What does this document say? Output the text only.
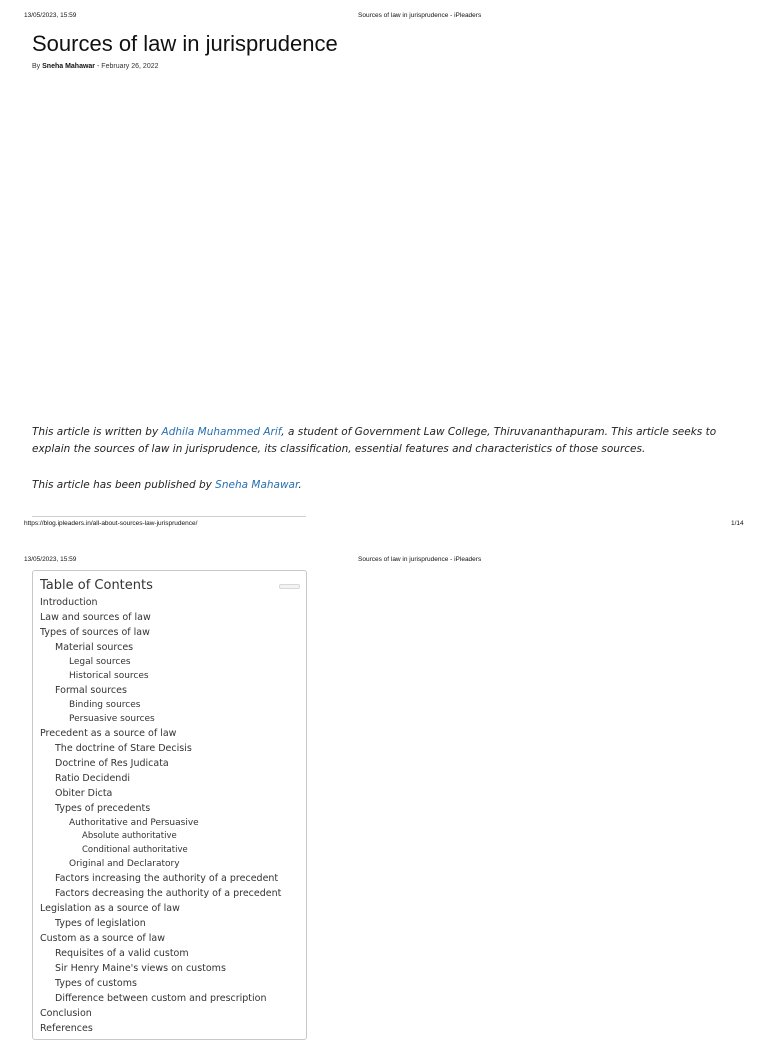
13/05/2023, 15:59	Sources of law in jurisprudence - iPleaders
Sources of law in jurisprudence
By Sneha Mahawar - February 26, 2022

This article is written by Adhila Muhammed Arif, a student of Government Law College, Thiruvananthapuram. This article seeks to explain the sources of law in jurisprudence, its classification, essential features and characteristics of those sources.

This article has been published by Sneha Mahawar.

https://blog.ipleaders.in/all-about-sources-law-jurisprudence/	1/14
13/05/2023, 15:59	Sources of law in jurisprudence - iPleaders
Table of Contents
Introduction
Law and sources of law
Types of sources of law
Material sources
Legal sources
Historical sources
Formal sources
Binding sources
Persuasive sources
Precedent as a source of law
The doctrine of Stare Decisis
Doctrine of Res Judicata
Ratio Decidendi
Obiter Dicta
Types of precedents
Authoritative and Persuasive
Absolute authoritative
Conditional authoritative
Original and Declaratory
Factors increasing the authority of a precedent
Factors decreasing the authority of a precedent
Legislation as a source of law
Types of legislation
Custom as a source of law
Requisites of a valid custom
Sir Henry Maine's views on customs
Types of customs
Difference between custom and prescription
Conclusion
References
